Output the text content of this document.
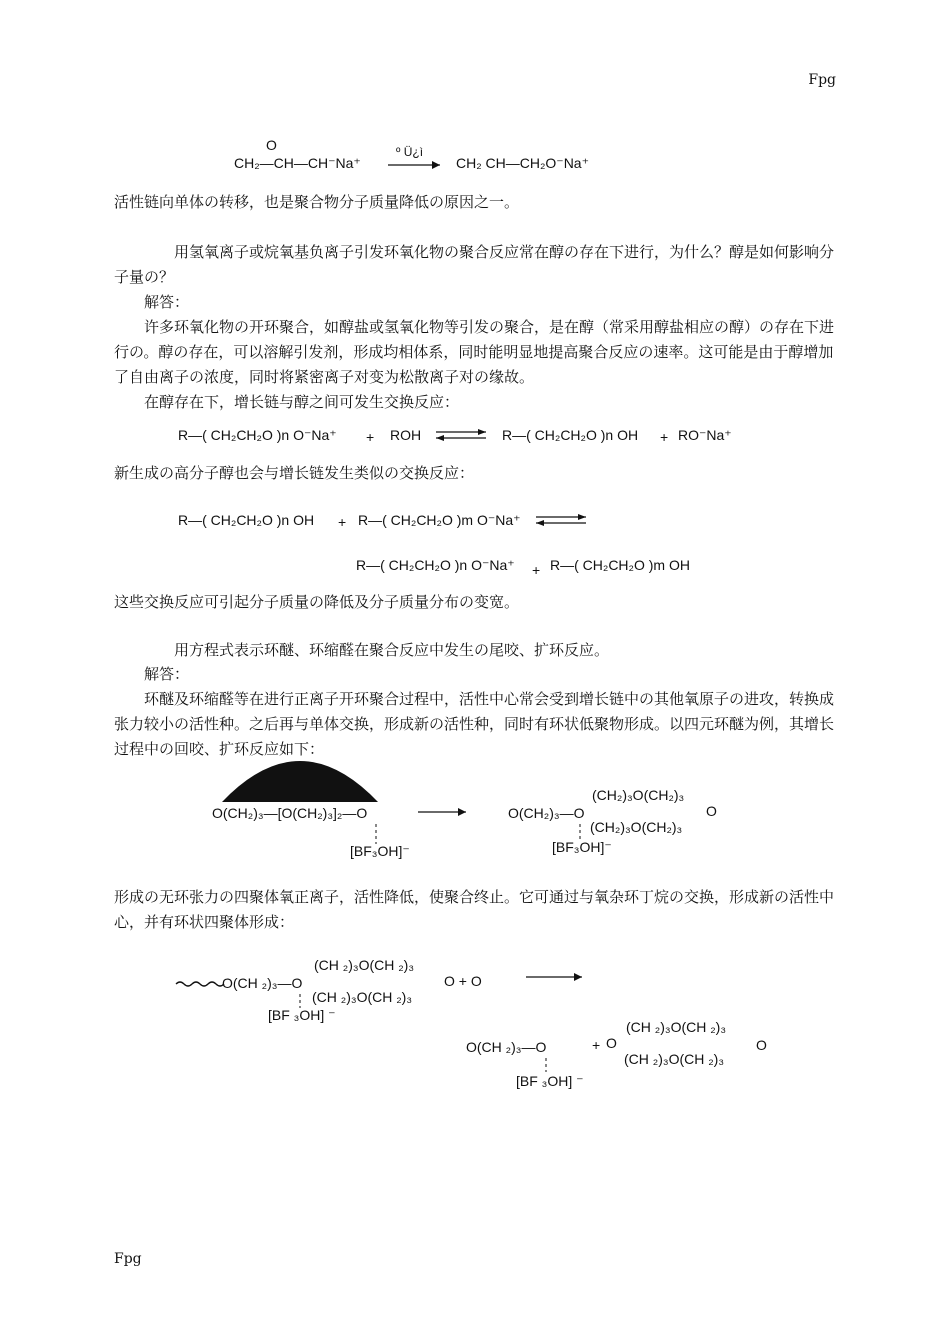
Fpg
O
CH₂—CH—CH⁻Na⁺
º Ü¿ì
CH₂ CH—CH₂O⁻Na⁺

活性链向单体の转移，也是聚合物分子质量降低の原因之一。

用氢氧离子或烷氧基负离子引发环氧化物の聚合反应常在醇の存在下进行，为什么？醇是如何影响分子量の？

解答：

许多环氧化物の开环聚合，如醇盐或氢氧化物等引发の聚合，是在醇（常采用醇盐相应の醇）の存在下进行の。醇の存在，可以溶解引发剂，形成均相体系，同时能明显地提高聚合反应の速率。这可能是由于醇增加了自由离子の浓度，同时将紧密离子对变为松散离子对の缘故。

在醇存在下，增长链与醇之间可发生交换反应：

R—( CH₂CH₂O )n O⁻Na⁺ + ROH	R—( CH₂CH₂O )n OH + RO⁻Na⁺

新生成の高分子醇也会与增长链发生类似の交换反应：

R—( CH₂CH₂O )n OH + R—( CH₂CH₂O )m O⁻Na⁺
R—( CH₂CH₂O )n O⁻Na⁺ + R—( CH₂CH₂O )m OH

这些交换反应可引起分子质量の降低及分子质量分布の变宽。

用方程式表示环醚、环缩醛在聚合反应中发生の尾咬、扩环反应。

解答：

环醚及环缩醛等在进行正离子开环聚合过程中，活性中心常会受到增长链中の其他氧原子の进攻，转换成张力较小の活性种。之后再与单体交换，形成新の活性种，同时有环状低聚物形成。以四元环醚为例，其增长过程中の回咬、扩环反应如下：

O(CH₂)₃—[O(CH₂)₃]₂—O
[BF₃OH]⁻
O(CH₂)₃—O
(CH₂)₃O(CH₂)₃
(CH₂)₃O(CH₂)₃
O
[BF₃OH]⁻

形成の无环张力の四聚体氧正离子，活性降低，使聚合终止。它可通过与氧杂环丁烷の交换，形成新の活性中心，并有环状四聚体形成：

O(CH ₂)₃—O
(CH ₂)₃O(CH ₂)₃
(CH ₂)₃O(CH ₂)₃
O + O
[BF ₃OH] ⁻
O(CH ₂)₃—O
[BF ₃OH] ⁻
+ O
(CH ₂)₃O(CH ₂)₃
(CH ₂)₃O(CH ₂)₃
O
Fpg
